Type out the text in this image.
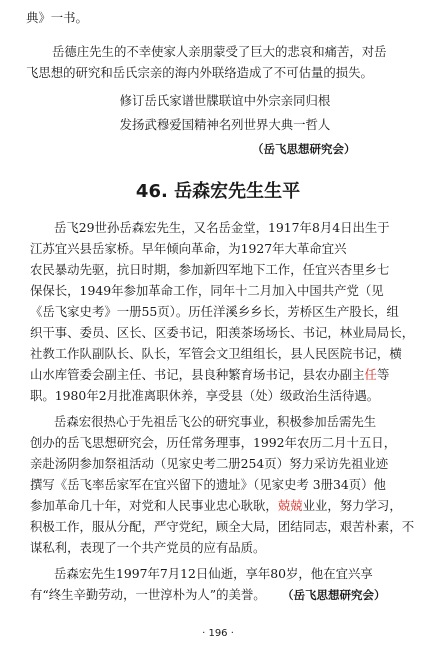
典》一书。
岳德庄先生的不幸使家人亲朋蒙受了巨大的悲哀和痛苦，对岳
飞思想的研究和岳氏宗亲的海内外联络造成了不可估量的损失。
修订岳氏家谱世牒联谊中外宗亲同归根
发扬武穆爱国精神名列世界大典一哲人
（岳飞思想研究会）
46. 岳森宏先生生平
岳飞29世孙岳森宏先生，又名岳金堂，1917年8月4日出生于
江苏宜兴县岳家桥。早年倾向革命，为1927年大革命宜兴
农民暴动先驱，抗日时期，参加新四军地下工作，任宜兴杏里乡七
保保长，1949年参加革命工作，同年十二月加入中国共产党（见
《岳飞家史考》一册55页）。历任洋溪乡乡长，芳桥区生产股长，组
织干事、委员、区长、区委书记，阳羡茶场场长、书记，林业局局长，
社教工作队副队长、队长，军管会文卫组组长，县人民医院书记，横
山水库管委会副主任、书记，县良种繁育场书记，县农办副主任等
职。1980年2月批准离职休养，享受县（处）级政治生活待遇。
岳森宏很热心于先祖岳飞公的研究事业，积极参加岳需先生
创办的岳飞思想研究会，历任常务理事，1992年农历二月十五日，
亲赴汤阴参加祭祖活动（见家史考二册254页）努力采访先祖业迹
撰写《岳飞率岳家军在宜兴留下的遗址》（见家史考 3册34页）他
参加革命几十年，对党和人民事业忠心耿耿，兢兢业业，努力学习，
积极工作，服从分配，严守党纪，顾全大局，团结同志，艰苦朴素，不
谋私利，表现了一个共产党员的应有品质。
岳森宏先生1997年7月12日仙逝，享年80岁，他在宜兴享
有“终生辛勤劳动，一世淳朴为人”的美誉。	（岳飞思想研究会）
· 196 ·
